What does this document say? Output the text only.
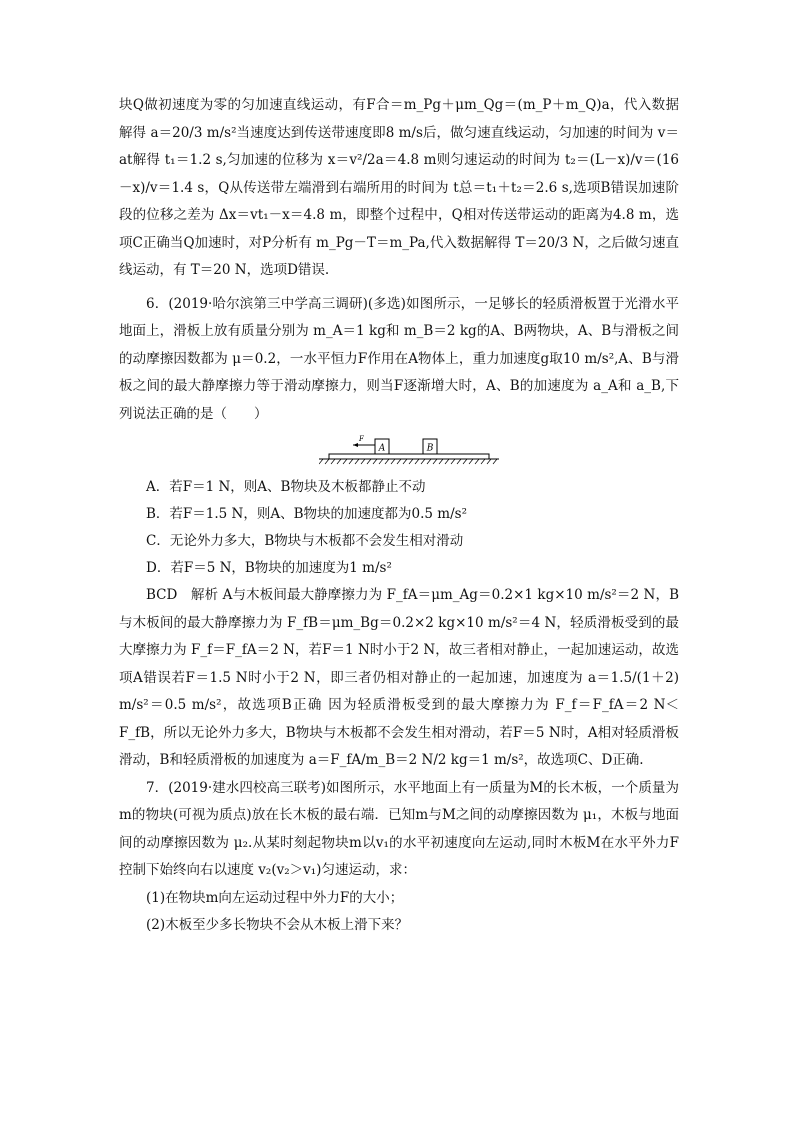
块Q做初速度为零的匀加速直线运动，有F合＝m_Pg＋μm_Qg＝(m_P＋m_Q)a，代入数据解得 a＝20/3 m/s²当速度达到传送带速度即8 m/s后，做匀速直线运动，匀加速的时间为 v＝at解得 t₁＝1.2 s,匀加速的位移为 x＝v²/2a＝4.8 m则匀速运动的时间为 t₂＝(L－x)/v＝(16－x)/v＝1.4 s，Q从传送带左端滑到右端所用的时间为 t总＝t₁＋t₂＝2.6 s,选项B错误加速阶段的位移之差为 Δx＝vt₁－x＝4.8 m，即整个过程中，Q相对传送带运动的距离为4.8 m，选项C正确当Q加速时，对P分析有 m_Pg－T＝m_Pa,代入数据解得 T＝20/3 N，之后做匀速直线运动，有 T＝20 N，选项D错误.

6．(2019·哈尔滨第三中学高三调研)(多选)如图所示，一足够长的轻质滑板置于光滑水平地面上，滑板上放有质量分别为 m_A＝1 kg和 m_B＝2 kg的A、B两物块，A、B与滑板之间的动摩擦因数都为 μ＝0.2，一水平恒力F作用在A物体上，重力加速度g取10 m/s²,A、B与滑板之间的最大静摩擦力等于滑动摩擦力，则当F逐渐增大时，A、B的加速度为 a_A和 a_B,下列说法正确的是（　　）

A	B
F

A．若F＝1 N，则A、B物块及木板都静止不动

B．若F＝1.5 N，则A、B物块的加速度都为0.5 m/s²

C．无论外力多大，B物块与木板都不会发生相对滑动

D．若F＝5 N，B物块的加速度为1 m/s²

BCD　解析 A与木板间最大静摩擦力为 F_fA＝μm_Ag＝0.2×1 kg×10 m/s²＝2 N，B与木板间的最大静摩擦力为 F_fB＝μm_Bg＝0.2×2 kg×10 m/s²＝4 N，轻质滑板受到的最大摩擦力为 F_f＝F_fA＝2 N，若F＝1 N时小于2 N，故三者相对静止，一起加速运动，故选项A错误若F＝1.5 N时小于2 N，即三者仍相对静止的一起加速，加速度为 a＝1.5/(1＋2) m/s²＝0.5 m/s²，故选项B正确 因为轻质滑板受到的最大摩擦力为 F_f＝F_fA＝2 N＜F_fB，所以无论外力多大，B物块与木板都不会发生相对滑动，若F＝5 N时，A相对轻质滑板滑动，B和轻质滑板的加速度为 a＝F_fA/m_B＝2 N/2 kg＝1 m/s²，故选项C、D正确.

7．(2019·建水四校高三联考)如图所示，水平地面上有一质量为M的长木板，一个质量为m的物块(可视为质点)放在长木板的最右端．已知m与M之间的动摩擦因数为 μ₁，木板与地面间的动摩擦因数为 μ₂.从某时刻起物块m以v₁的水平初速度向左运动,同时木板M在水平外力F控制下始终向右以速度 v₂(v₂＞v₁)匀速运动，求：

(1)在物块m向左运动过程中外力F的大小；

(2)木板至少多长物块不会从木板上滑下来？
